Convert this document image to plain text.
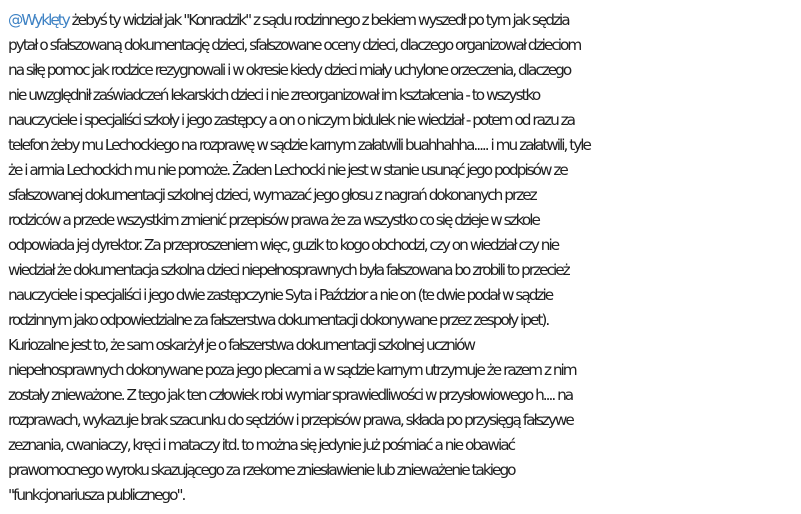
@Wyklęty żebyś ty widział jak "Konradzik" z sądu rodzinnego z bekiem wyszedł po tym jak sędzia
pytał o sfałszowaną dokumentację dzieci, sfałszowane oceny dzieci, dlaczego organizował dzieciom
na siłę pomoc jak rodzice rezygnowali i w okresie kiedy dzieci miały uchylone orzeczenia, dlaczego
nie uwzględnił zaświadczeń lekarskich dzieci i nie zreorganizował im kształcenia - to wszystko
nauczyciele i specjaliści szkoły i jego zastępcy a on o niczym bidulek nie wiedział - potem od razu za
telefon żeby mu Lechockiego na rozprawę w sądzie karnym załatwili buahhahha..... i mu załatwili, tyle
że i armia Lechockich mu nie pomoże. Żaden Lechocki nie jest w stanie usunąć jego podpisów ze
sfałszowanej dokumentacji szkolnej dzieci, wymazać jego głosu z nagrań dokonanych przez
rodziców a przede wszystkim zmienić przepisów prawa że za wszystko co się dzieje w szkole
odpowiada jej dyrektor. Za przeproszeniem więc, guzik to kogo obchodzi, czy on wiedział czy nie
wiedział że dokumentacja szkolna dzieci niepełnosprawnych była fałszowana bo zrobili to przecież
nauczyciele i specjaliści i jego dwie zastępczynie Syta i Paździor a nie on (te dwie podał w sądzie
rodzinnym jako odpowiedzialne za fałszerstwa dokumentacji dokonywane przez zespoły ipet).
Kuriozalne jest to, że sam oskarżył je o fałszerstwa dokumentacji szkolnej uczniów
niepełnosprawnych dokonywane poza jego plecami a w sądzie karnym utrzymuje że razem z nim
zostały znieważone. Z tego jak ten człowiek robi wymiar sprawiedliwości w przysłowiowego h.... na
rozprawach, wykazuje brak szacunku do sędziów i przepisów prawa, składa po przysięgą fałszywe
zeznania, cwaniaczy, kręci i mataczy itd. to można się jedynie już pośmiać a nie obawiać
prawomocnego wyroku skazującego za rzekome zniesławienie lub znieważenie takiego
"funkcjonariusza publicznego".
